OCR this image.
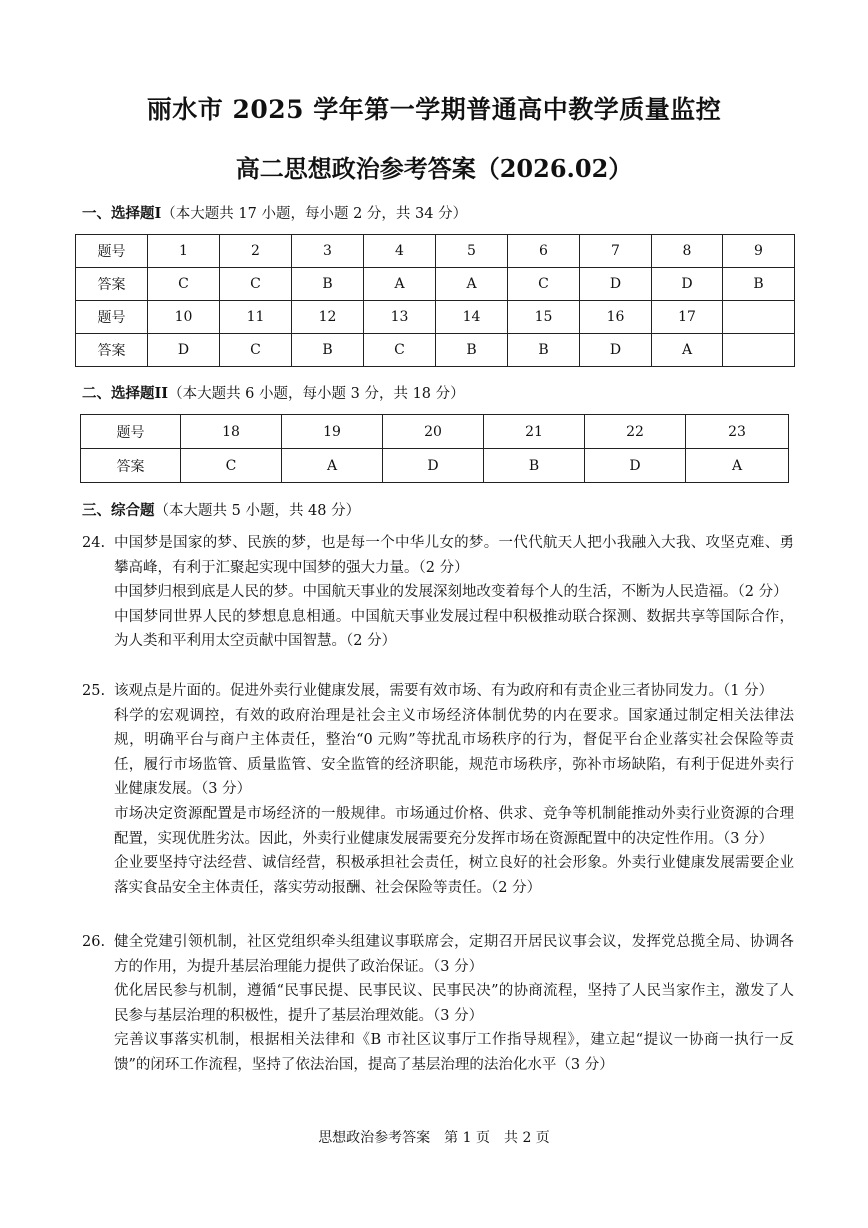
丽水市 2025 学年第一学期普通高中教学质量监控
高二思想政治参考答案（2026.02）
一、选择题I（本大题共 17 小题，每小题 2 分，共 34 分）
题号	1	2	3	4	5	6	7	8	9
答案	C	C	B	A	A	C	D	D	B
题号	10	11	12	13	14	15	16	17	
答案	D	C	B	C	B	B	D	A	
二、选择题II（本大题共 6 小题，每小题 3 分，共 18 分）
题号	18	19	20	21	22	23
答案	C	A	D	B	D	A
三、综合题（本大题共 5 小题，共 48 分）
24. 中国梦是国家的梦、民族的梦，也是每一个中华儿女的梦。一代代航天人把小我融入大我、攻坚克难、勇攀高峰，有利于汇聚起实现中国梦的强大力量。（2 分）

中国梦归根到底是人民的梦。中国航天事业的发展深刻地改变着每个人的生活，不断为人民造福。（2 分）

中国梦同世界人民的梦想息息相通。中国航天事业发展过程中积极推动联合探测、数据共享等国际合作，为人类和平利用太空贡献中国智慧。（2 分）

25. 该观点是片面的。促进外卖行业健康发展，需要有效市场、有为政府和有责企业三者协同发力。（1 分）

科学的宏观调控，有效的政府治理是社会主义市场经济体制优势的内在要求。国家通过制定相关法律法规，明确平台与商户主体责任，整治“0 元购”等扰乱市场秩序的行为，督促平台企业落实社会保险等责任，履行市场监管、质量监管、安全监管的经济职能，规范市场秩序，弥补市场缺陷，有利于促进外卖行业健康发展。（3 分）

市场决定资源配置是市场经济的一般规律。市场通过价格、供求、竞争等机制能推动外卖行业资源的合理配置，实现优胜劣汰。因此，外卖行业健康发展需要充分发挥市场在资源配置中的决定性作用。（3 分）

企业要坚持守法经营、诚信经营，积极承担社会责任，树立良好的社会形象。外卖行业健康发展需要企业落实食品安全主体责任，落实劳动报酬、社会保险等责任。（2 分）

26. 健全党建引领机制，社区党组织牵头组建议事联席会，定期召开居民议事会议，发挥党总揽全局、协调各方的作用，为提升基层治理能力提供了政治保证。（3 分）

优化居民参与机制，遵循“民事民提、民事民议、民事民决”的协商流程，坚持了人民当家作主，激发了人民参与基层治理的积极性，提升了基层治理效能。（3 分）

完善议事落实机制，根据相关法律和《B 市社区议事厅工作指导规程》，建立起“提议一协商一执行一反馈”的闭环工作流程，坚持了依法治国，提高了基层治理的法治化水平（3 分）

思想政治参考答案　第 1 页　共 2 页
